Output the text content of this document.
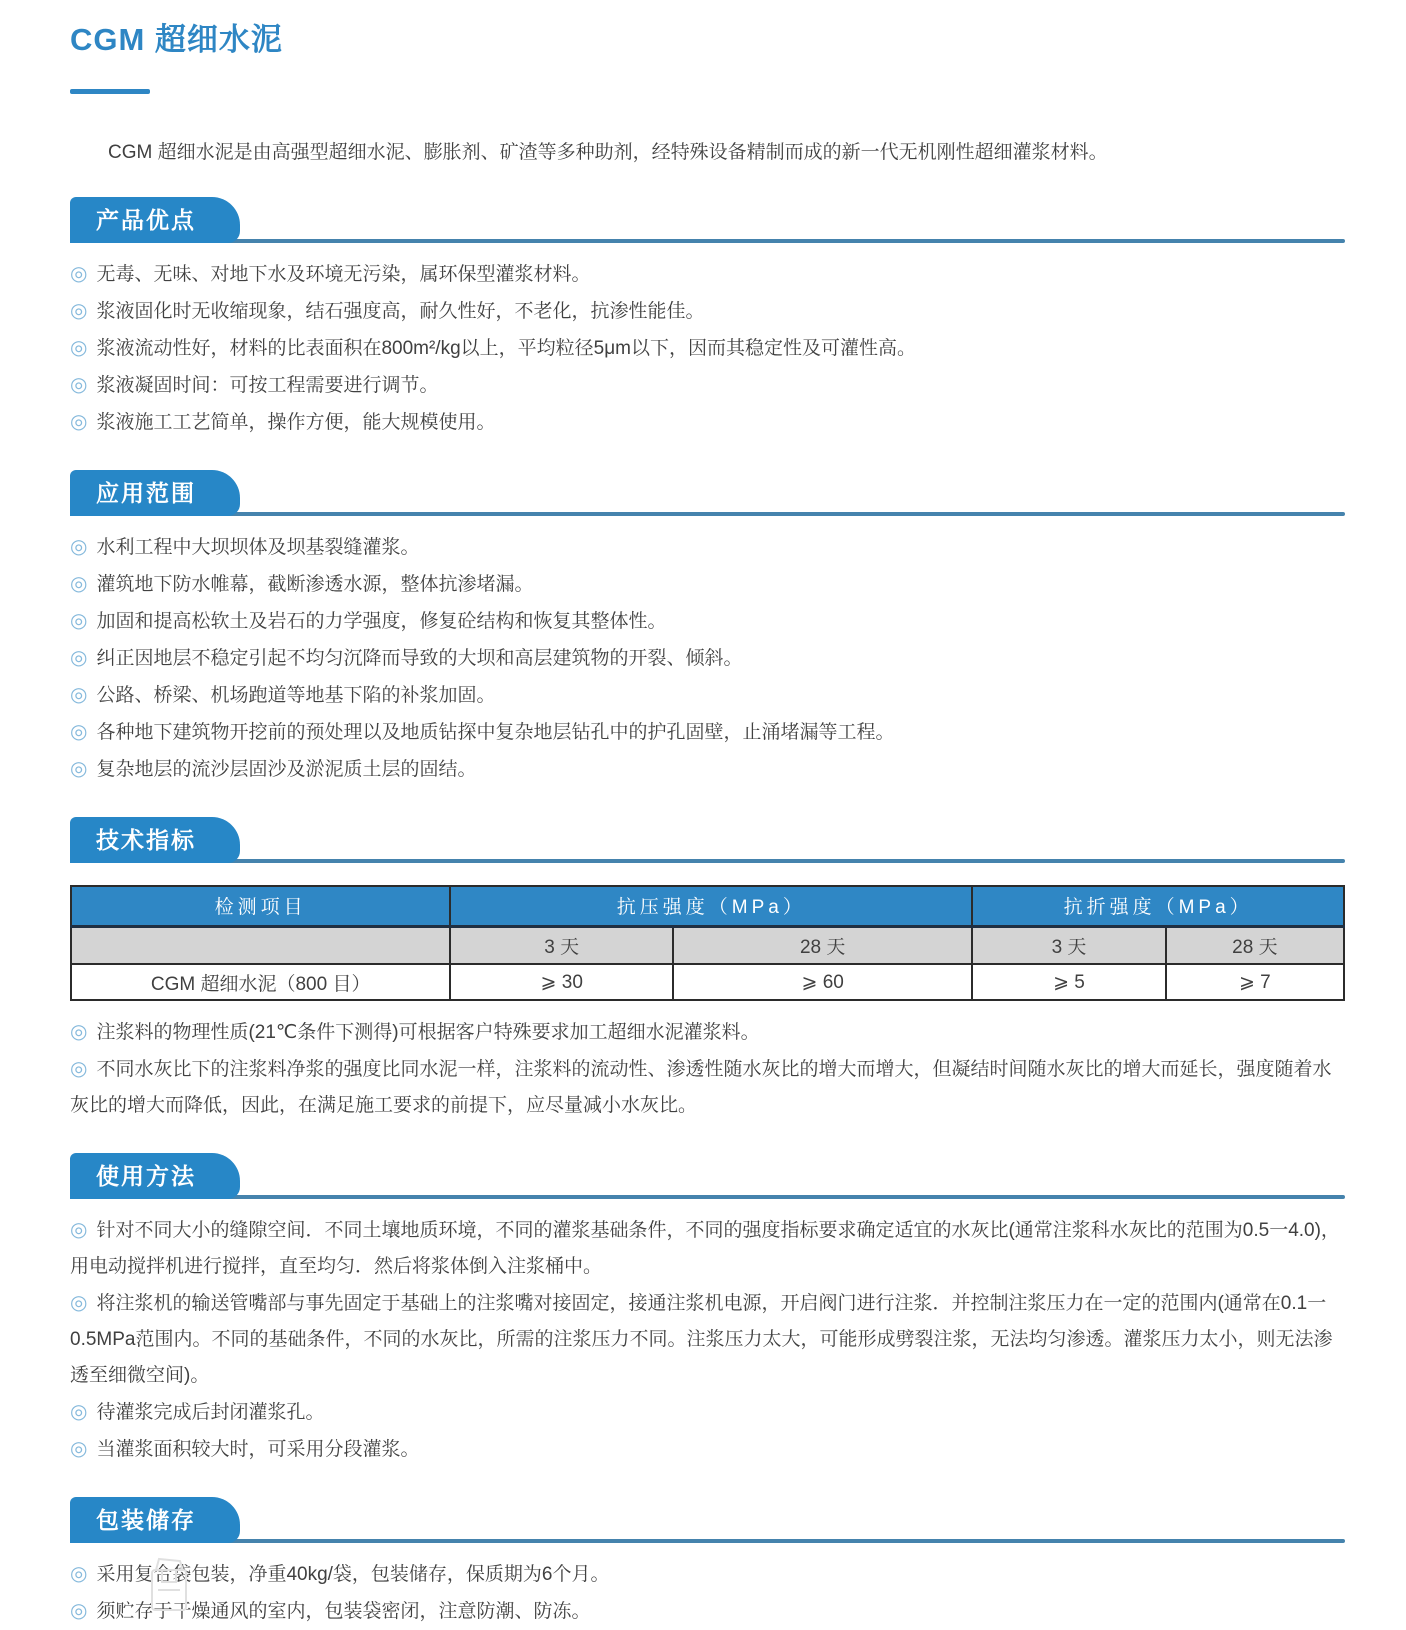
CGM 超细水泥

CGM 超细水泥是由高强型超细水泥、膨胀剂、矿渣等多种助剂，经特殊设备精制而成的新一代无机刚性超细灌浆材料。

产品优点

◎ 无毒、无味、对地下水及环境无污染，属环保型灌浆材料。

◎ 浆液固化时无收缩现象，结石强度高，耐久性好，不老化，抗渗性能佳。

◎ 浆液流动性好，材料的比表面积在800m²/kg以上，平均粒径5μm以下，因而其稳定性及可灌性高。

◎ 浆液凝固时间：可按工程需要进行调节。

◎ 浆液施工工艺简单，操作方便，能大规模使用。

应用范围

◎ 水利工程中大坝坝体及坝基裂缝灌浆。

◎ 灌筑地下防水帷幕，截断渗透水源，整体抗渗堵漏。

◎ 加固和提高松软土及岩石的力学强度，修复砼结构和恢复其整体性。

◎ 纠正因地层不稳定引起不均匀沉降而导致的大坝和高层建筑物的开裂、倾斜。

◎ 公路、桥梁、机场跑道等地基下陷的补浆加固。

◎ 各种地下建筑物开挖前的预处理以及地质钻探中复杂地层钻孔中的护孔固壁，止涌堵漏等工程。

◎ 复杂地层的流沙层固沙及淤泥质土层的固结。

技术指标
检测项目	抗压强度（MPa）		抗折强度（MPa）	
	3 天	28 天	3 天	28 天
CGM 超细水泥（800 目）	⩾ 30	⩾ 60	⩾ 5	⩾ 7

◎ 注浆料的物理性质(21℃条件下测得)可根据客户特殊要求加工超细水泥灌浆料。

◎ 不同水灰比下的注浆料净浆的强度比同水泥一样，注浆料的流动性、渗透性随水灰比的增大而增大，但凝结时间随水灰比的增大而延长，强度随着水灰比的增大而降低，因此，在满足施工要求的前提下，应尽量减小水灰比。

使用方法

◎ 针对不同大小的缝隙空间．不同土壤地质环境，不同的灌浆基础条件，不同的强度指标要求确定适宜的水灰比(通常注浆科水灰比的范围为0.5一4.0)，用电动搅拌机进行搅拌，直至均匀．然后将浆体倒入注浆桶中。

◎ 将注浆机的输送管嘴部与事先固定于基础上的注浆嘴对接固定，接通注浆机电源，开启阀门进行注浆．并控制注浆压力在一定的范围内(通常在0.1一0.5MPa范围内。不同的基础条件，不同的水灰比，所需的注浆压力不同。注浆压力太大，可能形成劈裂注浆，无法均匀渗透。灌浆压力太小，则无法渗透至细微空间)。

◎ 待灌浆完成后封闭灌浆孔。

◎ 当灌浆面积较大时，可采用分段灌浆。

包装储存

◎ 采用复合袋包装，净重40kg/袋，包装储存，保质期为6个月。

◎ 须贮存于干燥通风的室内，包装袋密闭，注意防潮、防冻。
